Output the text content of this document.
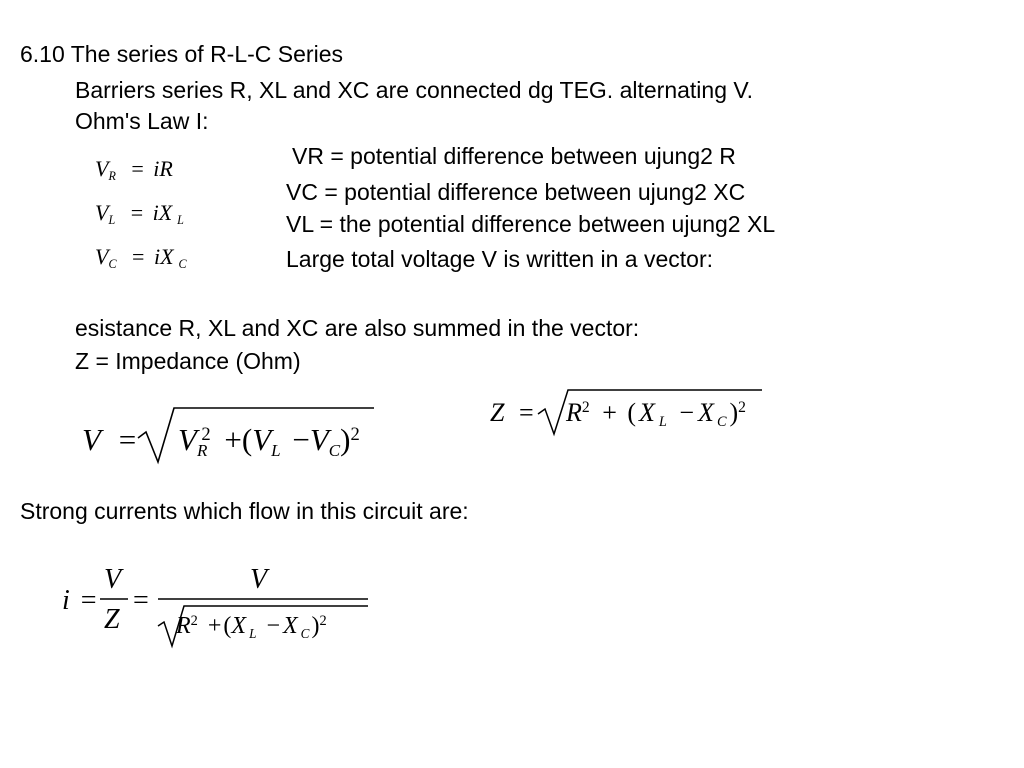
6.10 The series of R-L-C Series
Barriers series R, XL and XC are connected dg TEG. alternating V.
Ohm's Law I:
VR = potential difference between ujung2 R
VC = potential difference between ujung2 XC
VL = the potential difference between ujung2 XL
Large total voltage V is written in a vector:
esistance R, XL and XC are also summed in the vector:
Z = Impedance (Ohm)
Strong currents which flow in this circuit are:
VR = iR
VL = iX L
VC = iX C
$V = VR^2 +(VL -VC)^2$
$Z = R^2$ + ( X L − X C )$^2$
i =
V
Z
=
V
$R^2 +(X$ L − X C)$^2$
